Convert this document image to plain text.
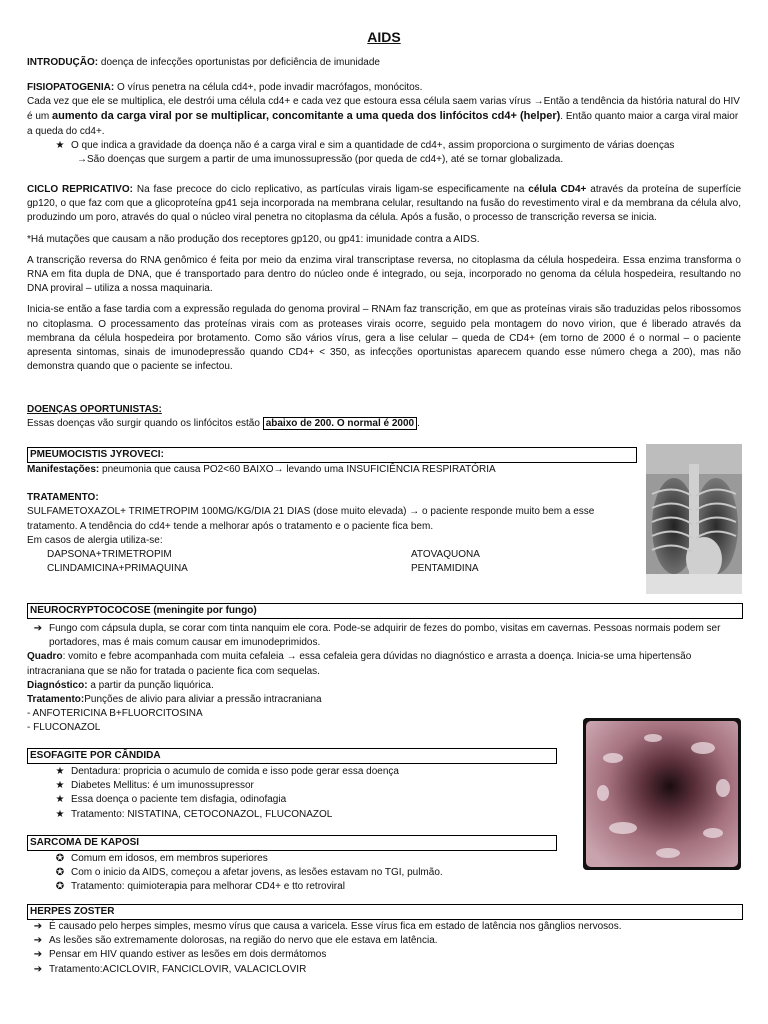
AIDS

INTRODUÇÃO: doença de infecções oportunistas por deficiência de imunidade

FISIOPATOGENIA: O vírus penetra na célula cd4+, pode invadir macrófagos, monócitos.

Cada vez que ele se multiplica, ele destrói uma célula cd4+ e cada vez que estoura essa célula saem varias vírus →Então a tendência da história natural do HIV é um aumento da carga viral por se multiplicar, concomitante a uma queda dos linfócitos cd4+ (helper). Então quanto maior a carga viral maior a queda do cd4+.

★ O que indica a gravidade da doença não é a carga viral e sim a quantidade de cd4+, assim proporciona o surgimento de várias doenças

→São doenças que surgem a partir de uma imunossupressão (por queda de cd4+), até se tornar globalizada.

CICLO REPRICATIVO: Na fase precoce do ciclo replicativo, as partículas virais ligam-se especificamente na célula CD4+ através da proteína de superfície gp120, o que faz com que a glicoproteína gp41 seja incorporada na membrana celular, resultando na fusão do revestimento viral e da membrana da célula alvo, produzindo um poro, através do qual o núcleo viral penetra no citoplasma da célula. Após a fusão, o processo de transcrição reversa se inicia.

*Há mutações que causam a não produção dos receptores gp120, ou gp41: imunidade contra a AIDS.

A transcrição reversa do RNA genômico é feita por meio da enzima viral transcriptase reversa, no citoplasma da célula hospedeira. Essa enzima transforma o RNA em fita dupla de DNA, que é transportado para dentro do núcleo onde é integrado, ou seja, incorporado no genoma da célula hospedeira, resultando no DNA proviral – utiliza a nossa maquinaria.

Inicia-se então a fase tardia com a expressão regulada do genoma proviral – RNAm faz transcrição, em que as proteínas virais são traduzidas pelos ribossomos no citoplasma. O processamento das proteínas virais com as proteases virais ocorre, seguido pela montagem do novo virion, que é liberado através da membrana da célula hospedeira por brotamento. Como são vários vírus, gera a lise celular – queda de CD4+ (em torno de 2000 é o normal – o paciente apresenta sintomas, sinais de imunodepressão quando CD4+ < 350, as infecções oportunistas aparecem quando esse número chega a 200), mas não demonstra quando que o paciente se infectou.

DOENÇAS OPORTUNISTAS:

Essas doenças vão surgir quando os linfócitos estão abaixo de 200. O normal é 2000 .

PMEUMOCISTIS JYROVECI:

Manifestações: pneumonia que causa PO2<60 BAIXO→ levando uma INSUFICIÊNCIA RESPIRATÓRIA

TRATAMENTO:

SULFAMETOXAZOL+ TRIMETROPIM 100MG/KG/DIA 21 DIAS (dose muito elevada) → o paciente responde muito bem a esse tratamento. A tendência do cd4+ tende a melhorar após o tratamento e o paciente fica bem.

Em casos de alergia utiliza-se:

DAPSONA+TRIMETROPIM	ATOVAQUONA
CLINDAMICINA+PRIMAQUINA	PENTAMIDINA
NEUROCRYPTOCOCOSE (meningite por fungo)
➔ Fungo com cápsula dupla, se corar com tinta nanquim ele cora. Pode-se adquirir de fezes do pombo, visitas em cavernas. Pessoas normais podem ser portadores, mas é mais comum causar em imunodeprimidos.

Quadro: vomito e febre acompanhada com muita cefaleia → essa cefaleia gera dúvidas no diagnóstico e arrasta a doença. Inicia-se uma hipertensão intracraniana que se não for tratada o paciente fica com sequelas.

Diagnóstico: a partir da punção liquórica.

Tratamento:Punções de alivio para aliviar a pressão intracraniana

- ANFOTERICINA B+FLUORCITOSINA

- FLUCONAZOL

ESOFAGITE POR CÂNDIDA
★ Dentadura: propricia o acumulo de comida e isso pode gerar essa doença
★ Diabetes Mellitus: é um imunossupressor
★ Essa doença o paciente tem disfagia, odinofagia
★ Tratamento: NISTATINA, CETOCONAZOL, FLUCONAZOL
SARCOMA DE KAPOSI
✪ Comum em idosos, em membros superiores
✪ Com o inicio da AIDS, começou a afetar jovens, as lesões estavam no TGI, pulmão.
✪ Tratamento: quimioterapia para melhorar CD4+ e tto retroviral
HERPES ZOSTER
➔ É causado pelo herpes simples, mesmo vírus que causa a varicela. Esse vírus fica em estado de latência nos gânglios nervosos.
➔ As lesões são extremamente dolorosas, na região do nervo que ele estava em latência.
➔ Pensar em HIV quando estiver as lesões em dois dermátomos
➔ Tratamento:ACICLOVIR, FANCICLOVIR, VALACICLOVIR
